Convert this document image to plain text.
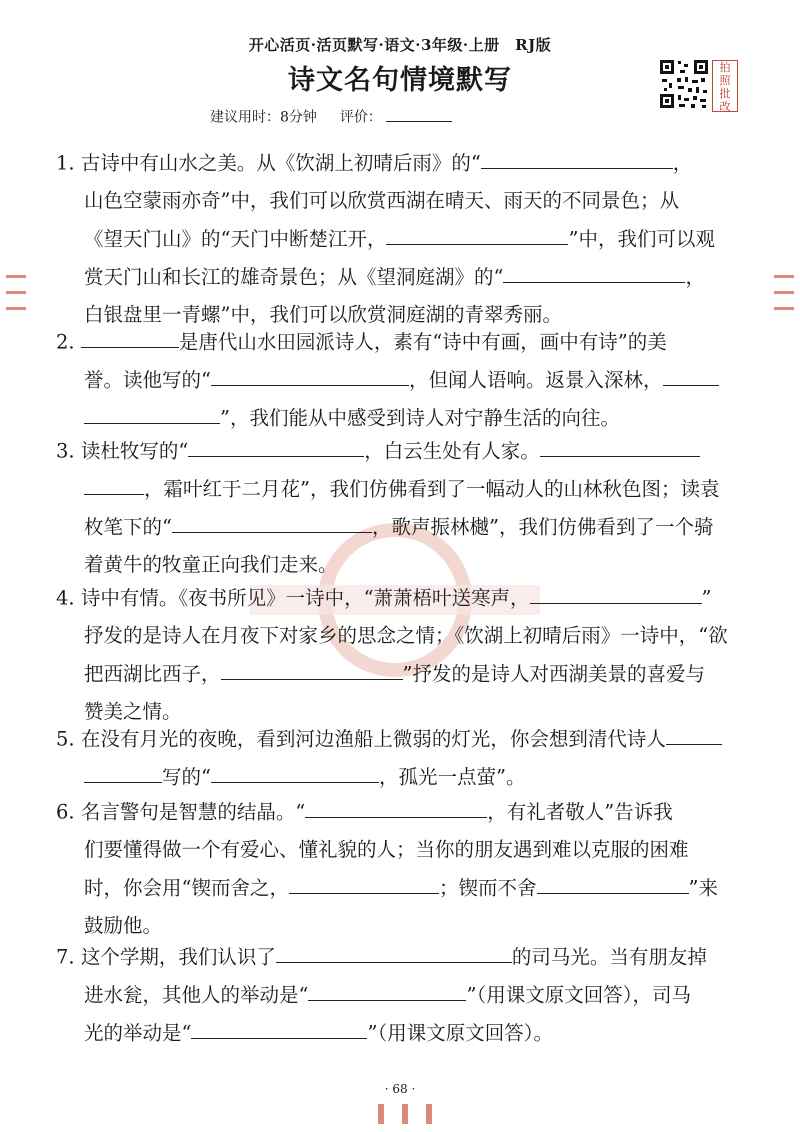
开心活页·活页默写·语文·3年级·上册　RJ版
诗文名句情境默写
建议用时：8分钟 评价：
拍照批改
1. 古诗中有山水之美。从《饮湖上初晴后雨》的“	，
山色空蒙雨亦奇”中，我们可以欣赏西湖在晴天、雨天的不同景色；从
《望天门山》的“天门中断楚江开，	”中，我们可以观
赏天门山和长江的雄奇景色；从《望洞庭湖》的“	，
白银盘里一青螺”中，我们可以欣赏洞庭湖的青翠秀丽。
2.	是唐代山水田园派诗人，素有“诗中有画，画中有诗”的美
誉。读他写的“	，但闻人语响。返景入深林，
”，我们能从中感受到诗人对宁静生活的向往。
3. 读杜牧写的“	，白云生处有人家。
，霜叶红于二月花”，我们仿佛看到了一幅动人的山林秋色图；读袁
枚笔下的“	，歌声振林樾”，我们仿佛看到了一个骑
着黄牛的牧童正向我们走来。
4. 诗中有情。《夜书所见》一诗中，“萧萧梧叶送寒声，	”
抒发的是诗人在月夜下对家乡的思念之情；《饮湖上初晴后雨》一诗中，“欲
把西湖比西子，	”抒发的是诗人对西湖美景的喜爱与
赞美之情。
5. 在没有月光的夜晚，看到河边渔船上微弱的灯光，你会想到清代诗人
写的“	，孤光一点萤”。
6. 名言警句是智慧的结晶。“	，有礼者敬人”告诉我
们要懂得做一个有爱心、懂礼貌的人；当你的朋友遇到难以克服的困难
时，你会用“锲而舍之，	；锲而不舍	”来
鼓励他。
7. 这个学期，我们认识了	的司马光。当有朋友掉
进水瓮，其他人的举动是“	”（用课文原文回答），司马
光的举动是“	”（用课文原文回答）。
· 68 ·
